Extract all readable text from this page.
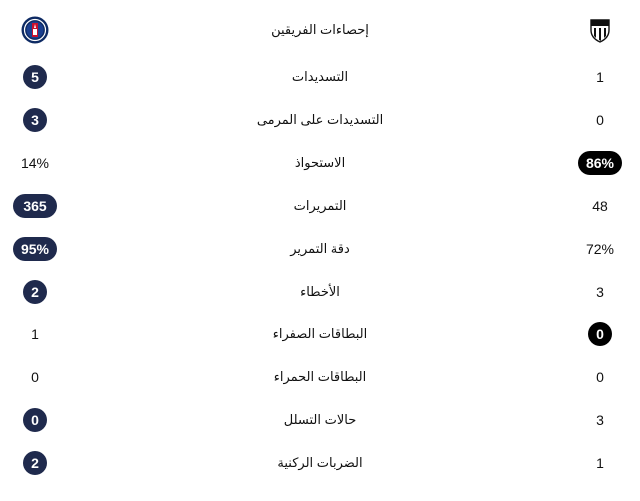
إحصاءات الفريقين
5	التسديدات	1
3	التسديدات على المرمى	0
14%	الاستحواذ	86%
365	التمريرات	48
95%	دقة التمرير	72%
2	الأخطاء	3
1	البطاقات الصفراء	0
0	البطاقات الحمراء	0
0	حالات التسلل	3
2	الضربات الركنية	1
